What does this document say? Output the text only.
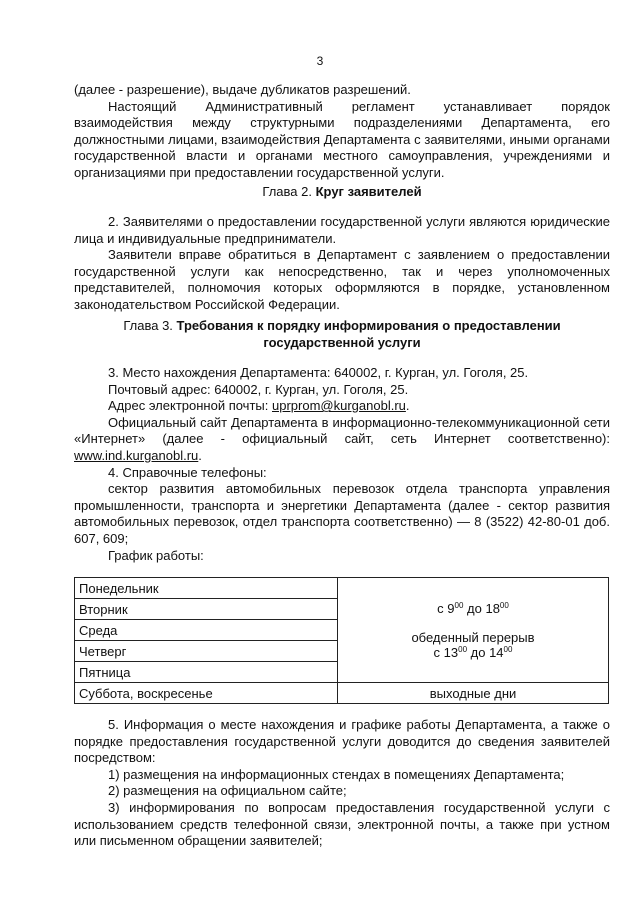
3

(далее - разрешение), выдаче дубликатов разрешений.

Настоящий Административный регламент устанавливает порядок взаимодействия между структурными подразделениями Департамента, его должностными лицами, взаимодействия Департамента с заявителями, иными органами государственной власти и органами местного самоуправления, учреждениями и организациями при предоставлении государственной услуги.

Глава 2. Круг заявителей

2. Заявителями о предоставлении государственной услуги являются юридические лица и индивидуальные предприниматели.

Заявители вправе обратиться в Департамент с заявлением о предоставлении государственной услуги как непосредственно, так и через уполномоченных представителей, полномочия которых оформляются в порядке, установленном законодательством Российской Федерации.

Глава 3. Требования к порядку информирования о предоставлении
государственной услуги

3. Место нахождения Департамента: 640002, г. Курган, ул. Гоголя, 25.

Почтовый адрес: 640002, г. Курган, ул. Гоголя, 25.

Адрес электронной почты: uprprom@kurganobl.ru.

Официальный сайт Департамента в информационно-телекоммуникационной сети «Интернет» (далее - официальный сайт, сеть Интернет соответственно): www.ind.kurganobl.ru.

4. Справочные телефоны:

сектор развития автомобильных перевозок отдела транспорта управления промышленности, транспорта и энергетики Департамента (далее - сектор развития автомобильных перевозок, отдел транспорта соответственно) — 8 (3522) 42-80-01 доб. 607, 609;

График работы:

Понедельник	с $9^{00}$ до $18^{00}$
обеденный перерыв
с $13^{00}$ до $14^{00}$

Вторник	
Среда	
Четверг	
Пятница	
Суббота, воскресенье	выходные дни

5. Информация о месте нахождения и графике работы Департамента, а также о порядке предоставления государственной услуги доводится до сведения заявителей посредством:

1) размещения на информационных стендах в помещениях Департамента;

2) размещения на официальном сайте;

3) информирования по вопросам предоставления государственной услуги с использованием средств телефонной связи, электронной почты, а также при устном или письменном обращении заявителей;
